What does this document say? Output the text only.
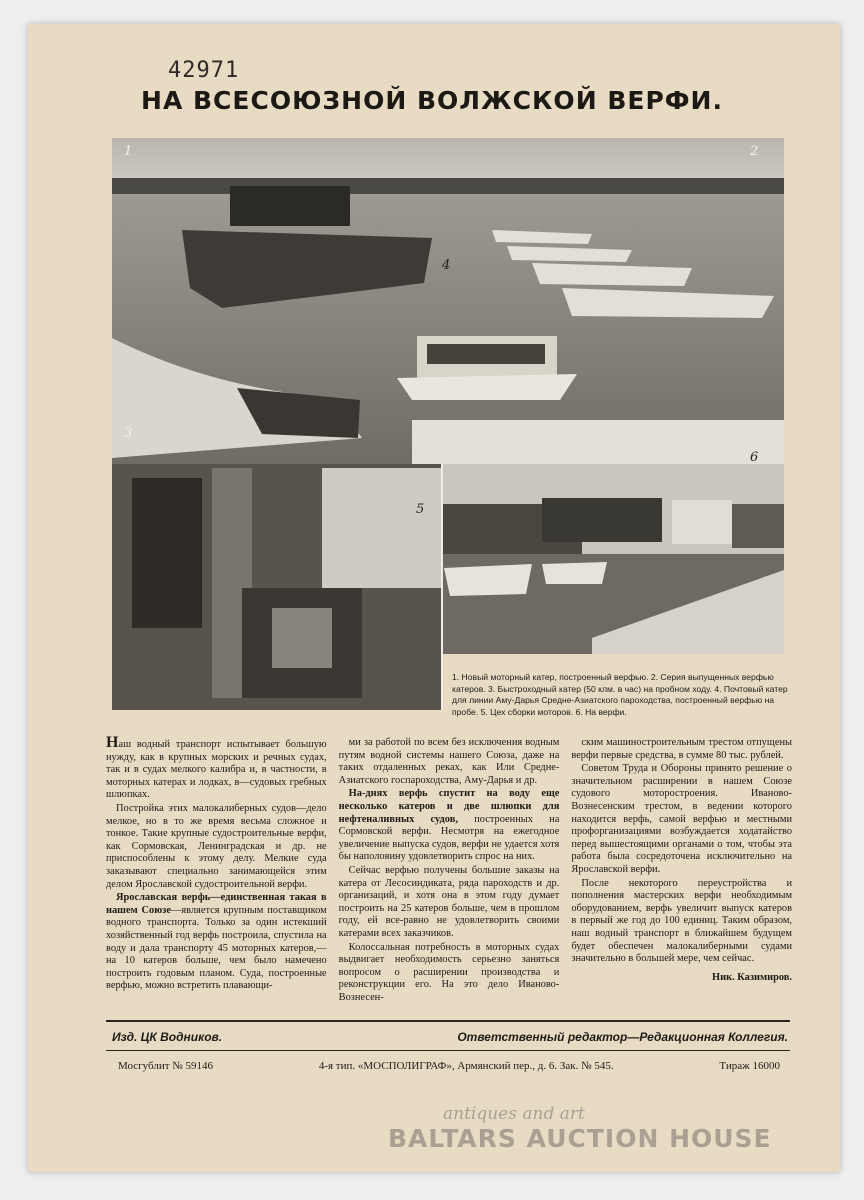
42971
НА ВСЕСОЮЗНОЙ ВОЛЖСКОЙ ВЕРФИ.
1	2
3
4
5
6
1. Новый моторный катер, построенный верфью. 2. Серия выпущенных верфью катеров. 3. Быстроходный катер (50 клм. в час) на пробном ходу. 4. Почтовый катер для линии Аму-Дарья Средне-Азиатского пароходства, построенный верфью на пробе. 5. Цех сборки моторов. 6. На верфи.

Наш водный транспорт испытывает большую нужду, как в крупных морских и речных судах, так и в судах мелкого калибра и, в частности, в моторных катерах и лодках, в—судовых гребных шлюпках.

Постройка этих малокалиберных судов—дело мелкое, но в то же время весьма сложное и тонкое. Такие крупные судостроительные верфи, как Сормовская, Ленинградская и др. не приспособлены к этому делу. Мелкие суда заказывают специально занимающейся этим делом Ярославской судостроительной верфи.

Ярославская верфь—единственная такая в нашем Союзе—является крупным поставщиком водного транспорта. Только за один истекший хозяйственный год верфь построила, спустила на воду и дала транспорту 45 моторных катеров,—на 10 катеров больше, чем было намечено построить годовым планом. Суда, построенные верфью, можно встретить плавающи-

ми за работой по всем без исключения водным путям водной системы нашего Союза, даже на таких отдаленных реках, как Или Средне-Азиатского госпароходства, Аму-Дарья и др.

На-днях верфь спустит на воду еще несколько катеров и две шлюпки для нефтеналивных судов, построенных на Сормовской верфи. Несмотря на ежегодное увеличение выпуска судов, верфи не удается хотя бы наполовину удовлетворить спрос на них.

Сейчас верфью получены большие заказы на катера от Лесосиндиката, ряда пароходств и др. организаций, и хотя она в этом году думает построить на 25 катеров больше, чем в прошлом году, ей все-равно не удовлетворить своими катерами всех заказчиков.

Колоссальная потребность в моторных судах выдвигает необходимость серьезно заняться вопросом о расширении производства и реконструкции его. На это дело Иваново-Вознесен-

ским машиностроительным трестом отпущены верфи первые средства, в сумме 80 тыс. рублей.

Советом Труда и Обороны принято решение о значительном расширении в нашем Союзе судового моторостроения. Иваново-Вознесенским трестом, в ведении которого находится верфь, самой верфью и местными профорганизациями возбуждается ходатайство перед вышестоящими органами о том, чтобы эта работа была сосредоточена исключительно на Ярославской верфи.

После некоторого переустройства и пополнения мастерских верфи необходимым оборудованием, верфь увеличит выпуск катеров в первый же год до 100 единиц. Таким образом, наш водный транспорт в ближайшем будущем будет обеспечен малокалиберными судами значительно в большей мере, чем сейчас.

Ник. Казимиров.
Изд. ЦК Водников.	Ответственный редактор—Редакционная Коллегия.
Мосгублит № 59146	4-я тип. «МОСПОЛИГРАФ», Армянский пер., д. 6. Зак. № 545.	Тираж 16000
antiques and art
BALTARS AUCTION HOUSE
